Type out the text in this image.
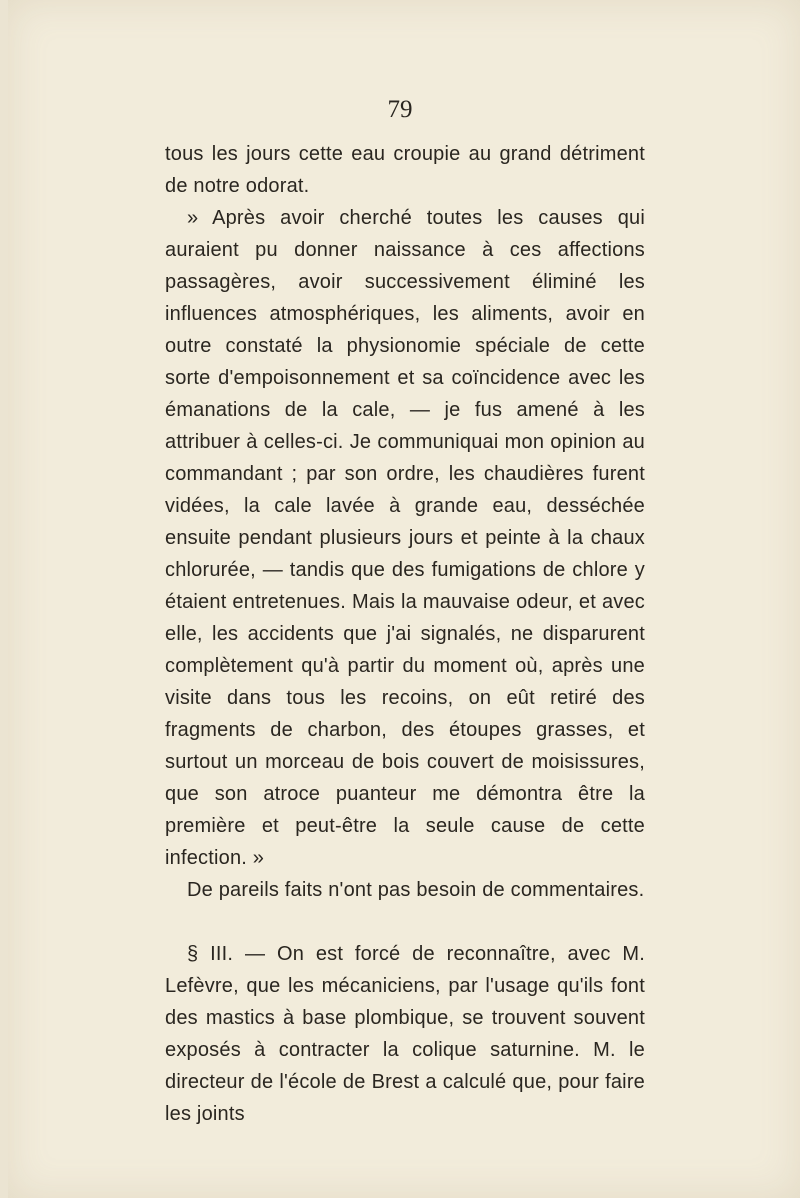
79

tous les jours cette eau croupie au grand détriment de notre odorat.

» Après avoir cherché toutes les causes qui auraient pu donner naissance à ces affections passagères, avoir successivement éliminé les influences atmosphériques, les aliments, avoir en outre constaté la physionomie spéciale de cette sorte d'empoisonnement et sa coïncidence avec les émanations de la cale, — je fus amené à les attribuer à celles-ci. Je communiquai mon opinion au commandant ; par son ordre, les chaudières furent vidées, la cale lavée à grande eau, desséchée ensuite pendant plusieurs jours et peinte à la chaux chlorurée, — tandis que des fumigations de chlore y étaient entretenues. Mais la mauvaise odeur, et avec elle, les accidents que j'ai signalés, ne disparurent complètement qu'à partir du moment où, après une visite dans tous les recoins, on eût retiré des fragments de charbon, des étoupes grasses, et surtout un morceau de bois couvert de moisissures, que son atroce puanteur me démontra être la première et peut-être la seule cause de cette infection. »

De pareils faits n'ont pas besoin de commentaires.

§ III. — On est forcé de reconnaître, avec M. Lefèvre, que les mécaniciens, par l'usage qu'ils font des mastics à base plombique, se trouvent souvent exposés à contracter la colique saturnine. M. le directeur de l'école de Brest a calculé que, pour faire les joints
